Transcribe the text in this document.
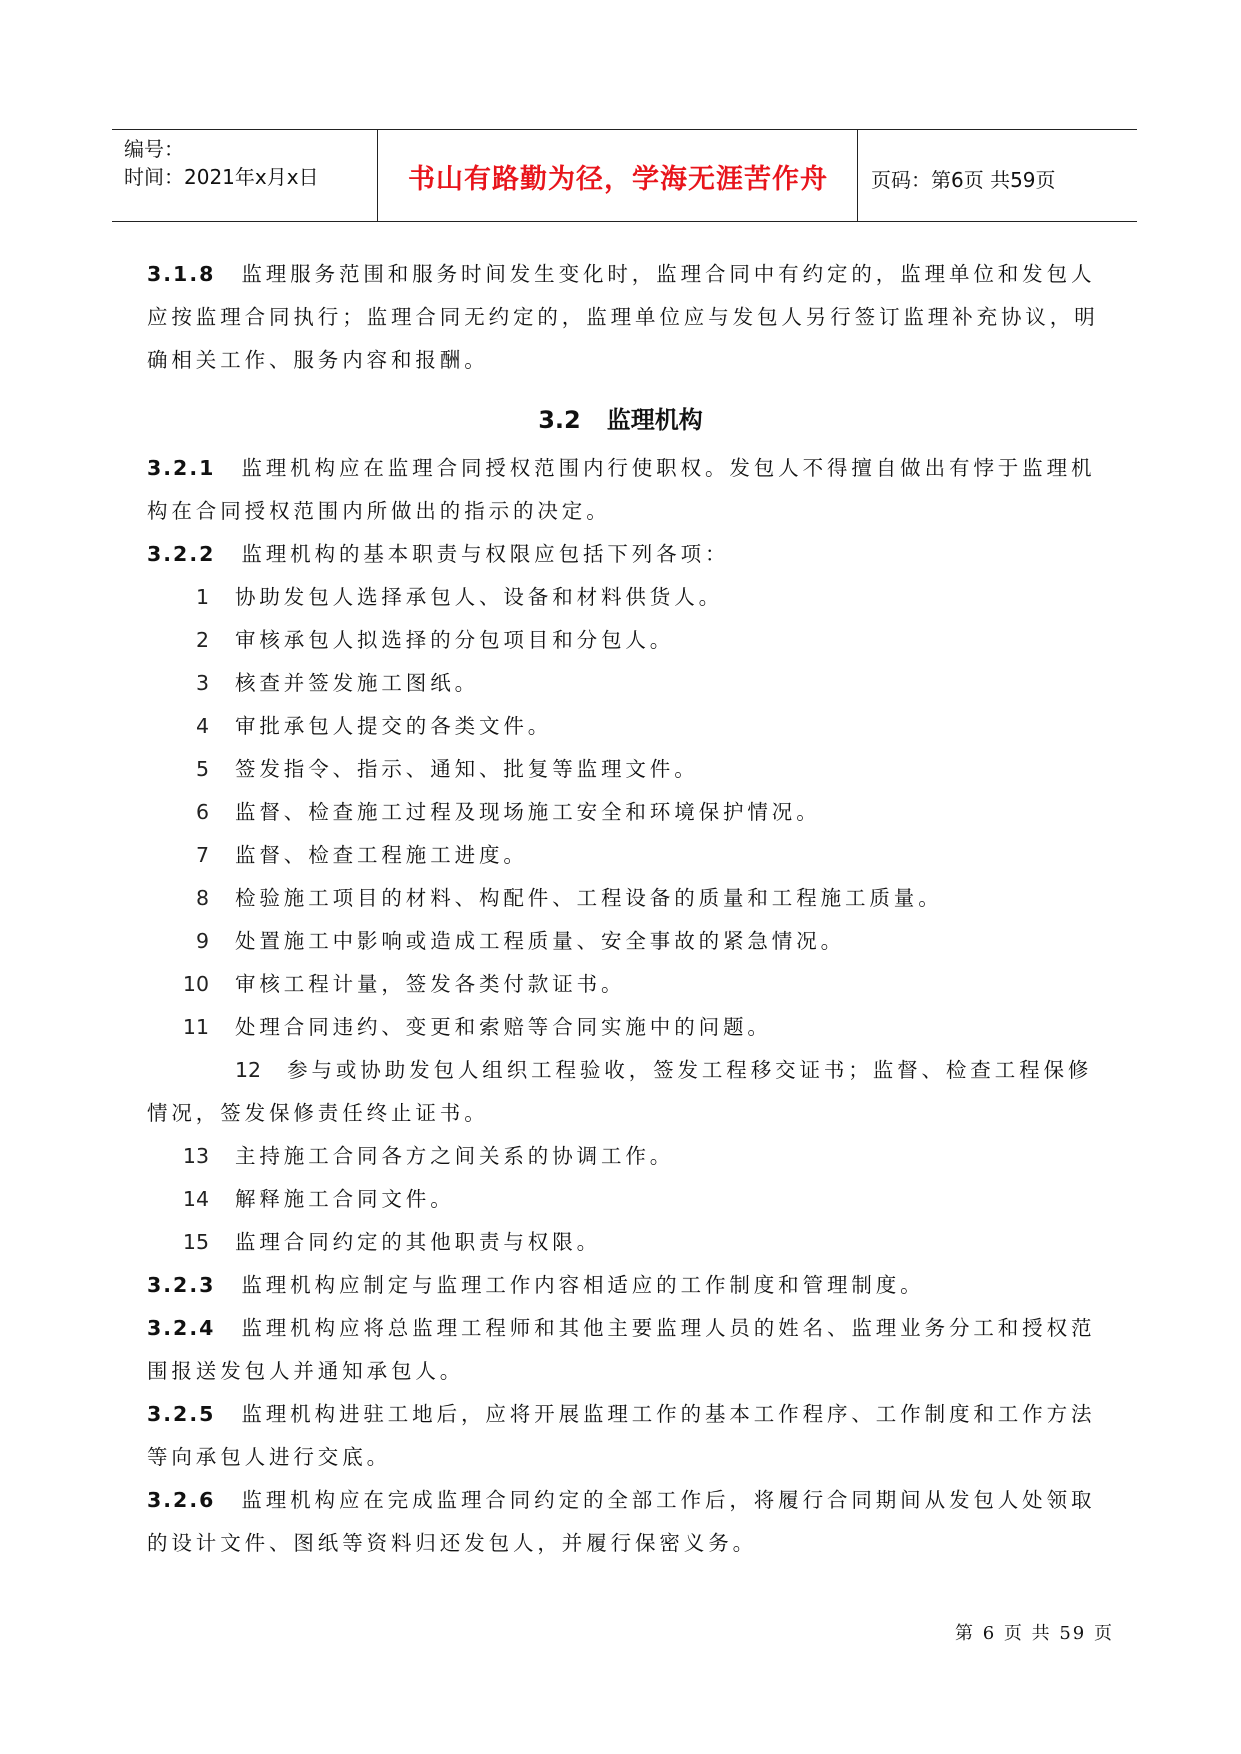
编号：
时间：2021年x月x日	书山有路勤为径，学海无涯苦作舟	页码：第6页 共59页

3.1.8 监理服务范围和服务时间发生变化时，监理合同中有约定的，监理单位和发包人应按监理合同执行；监理合同无约定的，监理单位应与发包人另行签订监理补充协议，明确相关工作、服务内容和报酬。

3.2 监理机构

3.2.1 监理机构应在监理合同授权范围内行使职权。发包人不得擅自做出有悖于监理机构在合同授权范围内所做出的指示的决定。

3.2.2 监理机构的基本职责与权限应包括下列各项：

1 协助发包人选择承包人、设备和材料供货人。

2 审核承包人拟选择的分包项目和分包人。

3 核查并签发施工图纸。

4 审批承包人提交的各类文件。

5 签发指令、指示、通知、批复等监理文件。

6 监督、检查施工过程及现场施工安全和环境保护情况。

7 监督、检查工程施工进度。

8 检验施工项目的材料、构配件、工程设备的质量和工程施工质量。

9 处置施工中影响或造成工程质量、安全事故的紧急情况。

10 审核工程计量，签发各类付款证书。

11 处理合同违约、变更和索赔等合同实施中的问题。

12 参与或协助发包人组织工程验收，签发工程移交证书；监督、检查工程保修情况，签发保修责任终止证书。

13 主持施工合同各方之间关系的协调工作。

14 解释施工合同文件。

15 监理合同约定的其他职责与权限。

3.2.3 监理机构应制定与监理工作内容相适应的工作制度和管理制度。

3.2.4 监理机构应将总监理工程师和其他主要监理人员的姓名、监理业务分工和授权范围报送发包人并通知承包人。

3.2.5 监理机构进驻工地后，应将开展监理工作的基本工作程序、工作制度和工作方法等向承包人进行交底。

3.2.6 监理机构应在完成监理合同约定的全部工作后，将履行合同期间从发包人处领取的设计文件、图纸等资料归还发包人，并履行保密义务。

第 6 页 共 59 页
